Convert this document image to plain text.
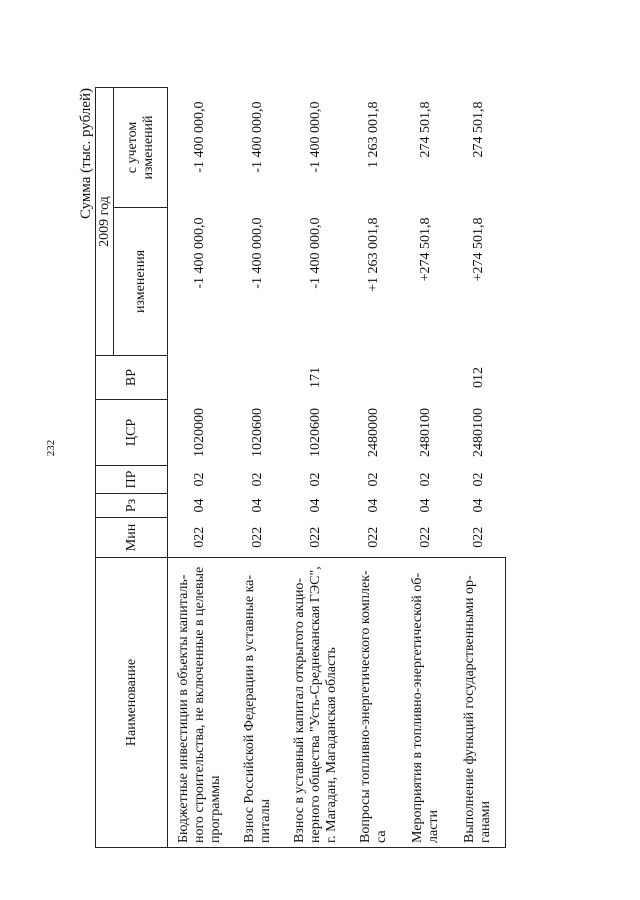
232
Сумма (тыс. рублей)
Наименование	Мин	Рз	ПР	ЦСР	ВР	2009 год	
						изменения	с учетом изменений
Бюджетные инвестиции в объекты капиталь-ного строительства, не включенные в целевые программы	022	04	02	1020000		-1 400 000,0	-1 400 000,0
Взнос Российской Федерации в уставные ка-питалы	022	04	02	1020600		-1 400 000,0	-1 400 000,0
Взнос в уставный капитал открытого акцио-нерного общества "Усть-Среднеканская ГЭС", г. Магадан, Магаданская область	022	04	02	1020600	171	-1 400 000,0	-1 400 000,0
Вопросы топливно-энергетического комплек-са	022	04	02	2480000		+1 263 001,8	1 263 001,8
Мероприятия в топливно-энергетической об-ласти	022	04	02	2480100		+274 501,8	274 501,8
Выполнение функций государственными ор-ганами	022	04	02	2480100	012	+274 501,8	274 501,8
